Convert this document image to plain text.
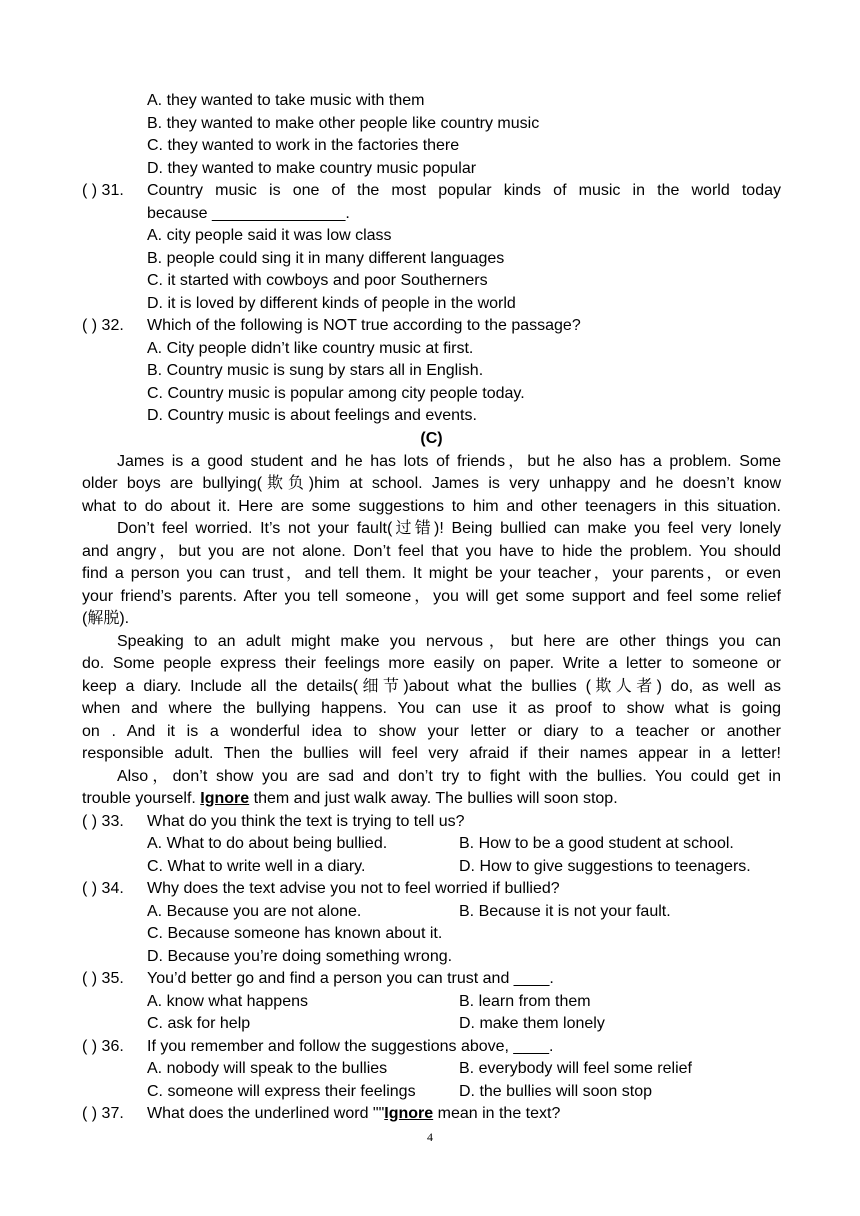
A. they wanted to take music with them
B. they wanted to make other people like country music
C. they wanted to work in the factories there
D. they wanted to make country music popular
( ) 31. Country music is one of the most popular kinds of music in the world today
because _______________.
A. city people said it was low class
B. people could sing it in many different languages
C. it started with cowboys and poor Southerners
D. it is loved by different kinds of people in the world
( ) 32. Which of the following is NOT true according to the passage?
A. City people didn’t like country music at first.
B. Country music is sung by stars all in English.
C. Country music is popular among city people today.
D. Country music is about feelings and events.
(C)
James is a good student and he has lots of friends，but he also has a problem. Some
older boys are bullying(欺负)him at school. James is very unhappy and he doesn’t know
what to do about it. Here are some suggestions to him and other teenagers in this situation.
Don’t feel worried. It’s not your fault(过错)! Being bullied can make you feel very lonely
and angry，but you are not alone. Don’t feel that you have to hide the problem. You should
find a person you can trust，and tell them. It might be your teacher，your parents，or even
your friend’s parents. After you tell someone，you will get some support and feel some relief
(解脱).
Speaking to an adult might make you nervous，but here are other things you can
do. Some people express their feelings more easily on paper. Write a letter to someone or
keep a diary. Include all the details(细节)about what the bullies (欺人者) do, as well as
when and where the bullying happens. You can use it as proof to show what is going
on . And it is a wonderful idea to show your letter or diary to a teacher or another
responsible adult. Then the bullies will feel very afraid if their names appear in a letter!
Also，don’t show you are sad and don’t try to fight with the bullies. You could get in
trouble yourself. Ignore them and just walk away. The bullies will soon stop.
( ) 33. What do you think the text is trying to tell us?
A. What to do about being bullied.	B. How to be a good student at school.
C. What to write well in a diary.	D. How to give suggestions to teenagers.
( ) 34. Why does the text advise you not to feel worried if bullied?
A. Because you are not alone.	B. Because it is not your fault.
C. Because someone has known about it.
D. Because you’re doing something wrong.
( ) 35. You’d better go and find a person you can trust and ____.
A. know what happens	B. learn from them
C. ask for help	D. make them lonely
( ) 36. If you remember and follow the suggestions above, ____.
A. nobody will speak to the bullies	B. everybody will feel some relief
C. someone will express their feelings	D. the bullies will soon stop
( ) 37. What does the underlined word ""Ignore mean in the text?
4
